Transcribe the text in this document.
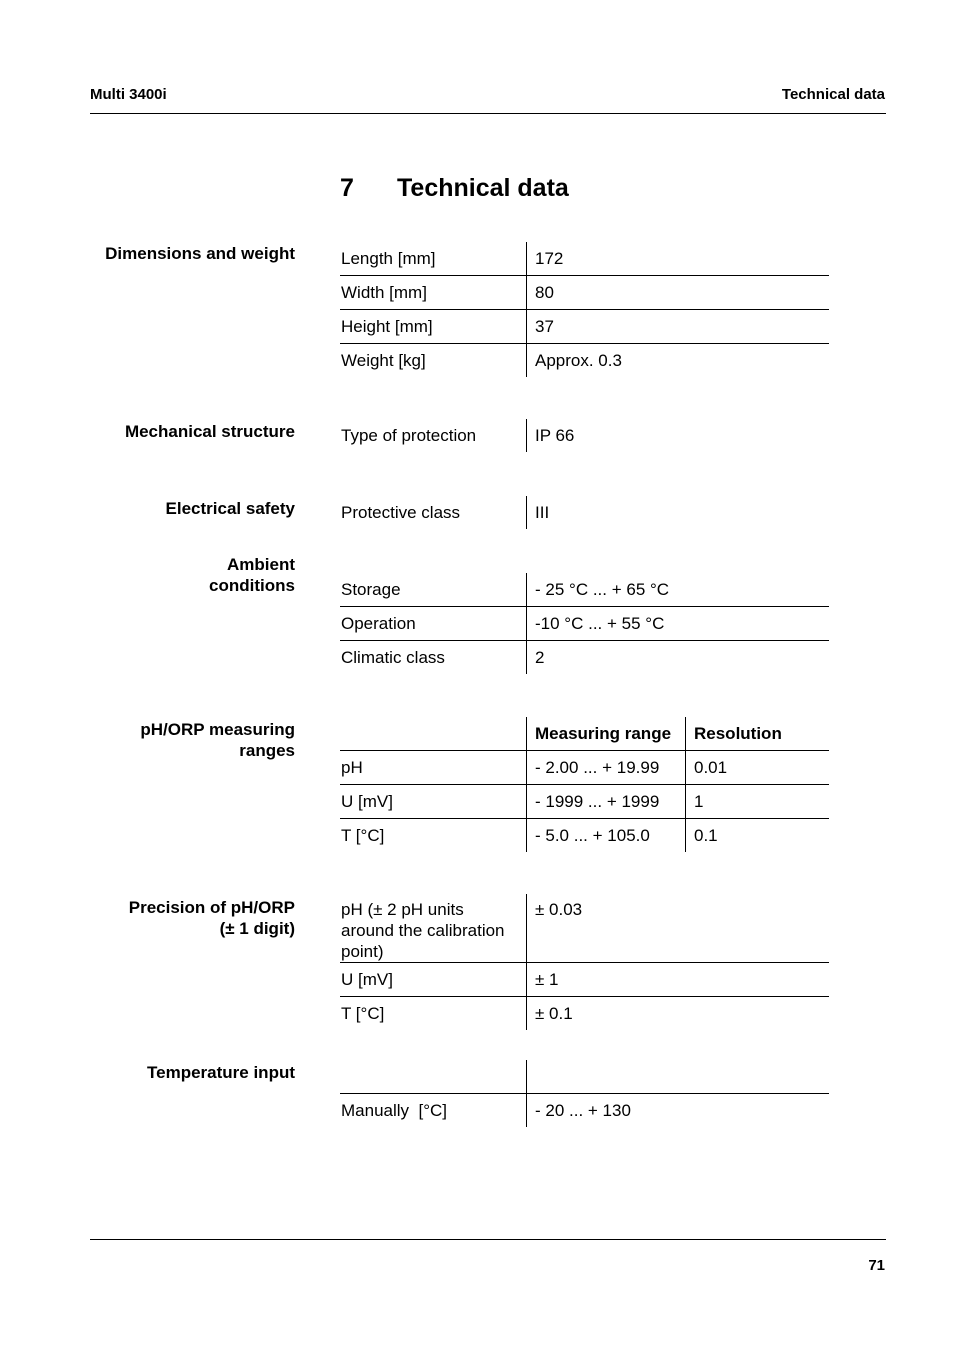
Multi 3400i	Technical data
7 Technical data
Dimensions and weight	Length [mm]	172
Width [mm]	80
Height [mm]	37
Weight [kg]	Approx. 0.3
Mechanical structure	Type of protection	IP 66
Electrical safety	Protective class	III
Ambient
conditions	Storage	- 25 °C ... + 65 °C
Operation	-10 °C ... + 55 °C
Climatic class	2
pH/ORP measuring
ranges
	Measuring range	Resolution
pH	- 2.00 ... + 19.99	0.01
U [mV]	- 1999 ... + 1999	1
T [°C]	- 5.0 ... + 105.0	0.1
Precision of pH/ORP
(± 1 digit)
pH (± 2 pH units around the calibration point)	± 0.03
U [mV]	± 1
T [°C]	± 0.1
Temperature input

Manually  [°C]	- 20 ... + 130
71
